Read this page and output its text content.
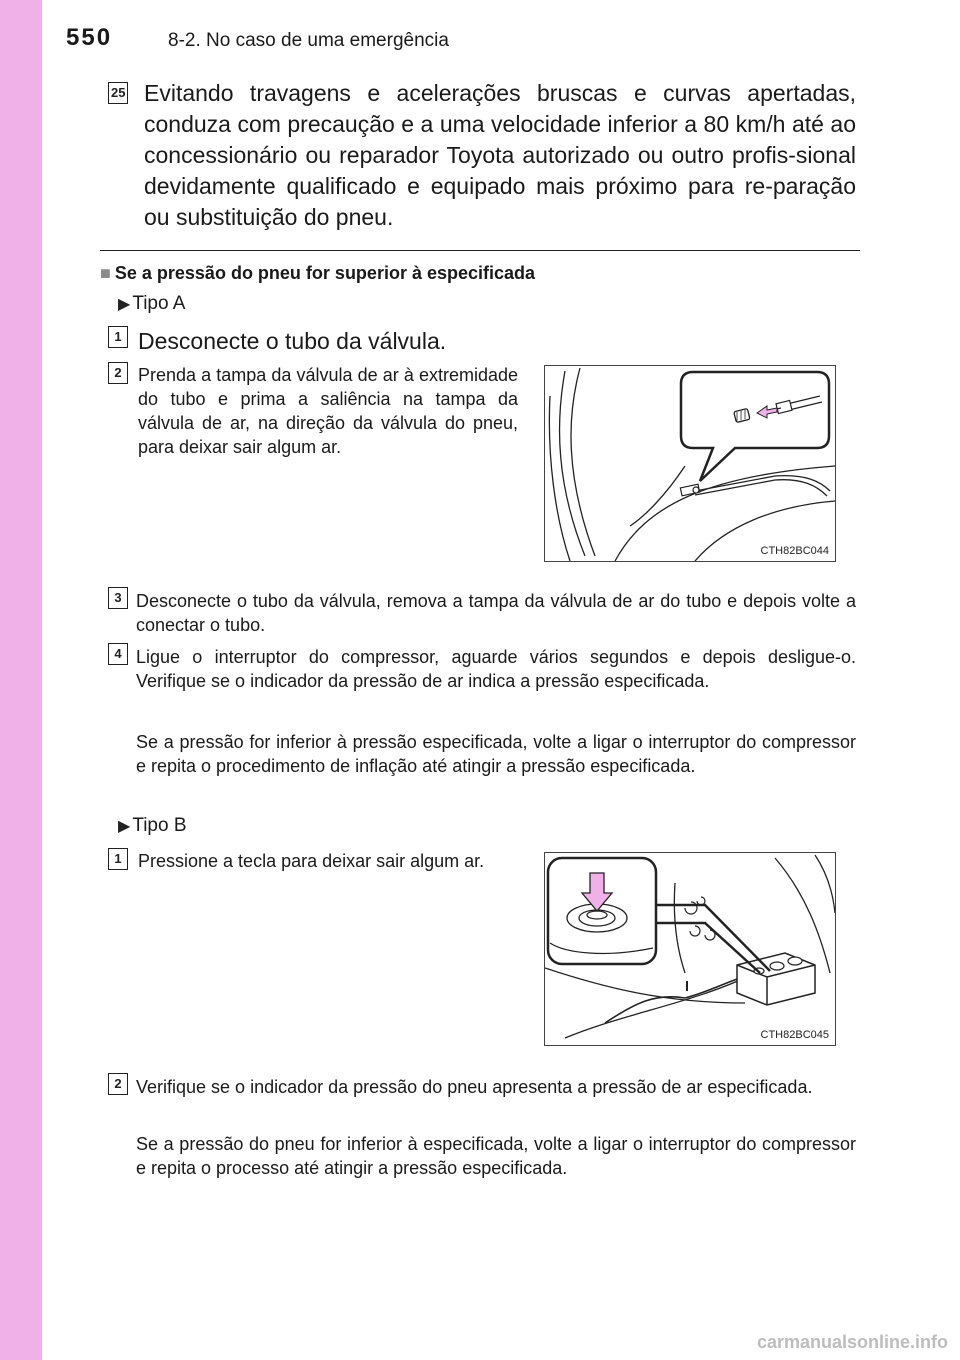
550	8-2. No caso de uma emergência
25 Evitando travagens e acelerações bruscas e curvas apertadas, conduza com precaução e a uma velocidade inferior a 80 km/h até ao concessionário ou reparador Toyota autorizado ou outro profis-sional devidamente qualificado e equipado mais próximo para re-paração ou substituição do pneu.
■ Se a pressão do pneu for superior à especificada
▶ Tipo A
1 Desconecte o tubo da válvula.
2 Prenda a tampa da válvula de ar à extremidade do tubo e prima a saliência na tampa da válvula de ar, na direção da válvula do pneu, para deixar sair algum ar.
CTH82BC044
3 Desconecte o tubo da válvula, remova a tampa da válvula de ar do tubo e depois volte a conectar o tubo.
4 Ligue o interruptor do compressor, aguarde vários segundos e depois desligue-o. Verifique se o indicador da pressão de ar indica a pressão especificada.
Se a pressão for inferior à pressão especificada, volte a ligar o interruptor do compressor e repita o procedimento de inflação até atingir a pressão especificada.
▶ Tipo B
1 Pressione a tecla para deixar sair algum ar.
CTH82BC045
2 Verifique se o indicador da pressão do pneu apresenta a pressão de ar especificada.
Se a pressão do pneu for inferior à especificada, volte a ligar o interruptor do compressor e repita o processo até atingir a pressão especificada.
carmanualsonline.info
